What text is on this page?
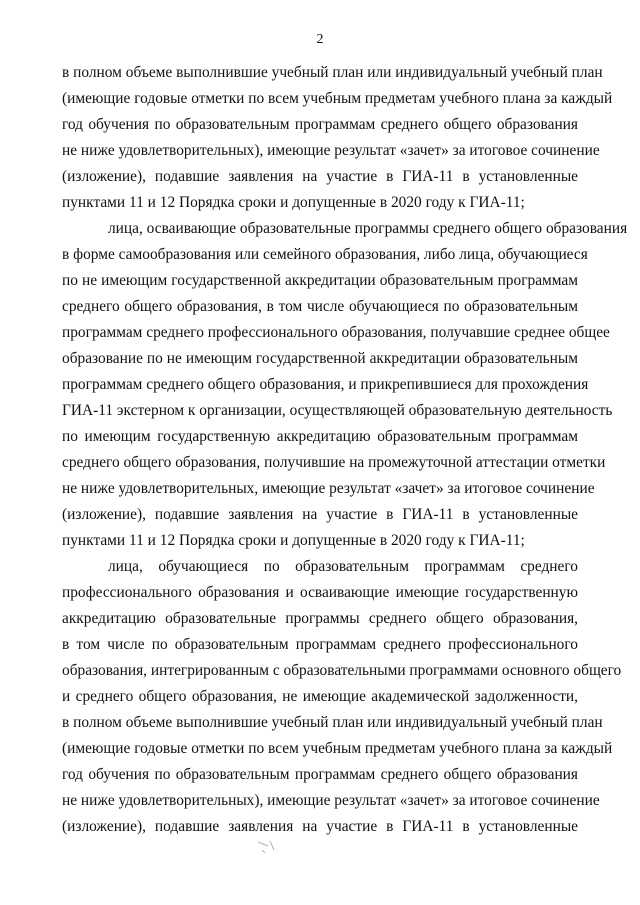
2
в полном объеме выполнившие учебный план или индивидуальный учебный план
(имеющие годовые отметки по всем учебным предметам учебного плана за каждый
год обучения по образовательным программам среднего общего образования
не ниже удовлетворительных), имеющие результат «зачет» за итоговое сочинение
(изложение), подавшие заявления на участие в ГИА-11 в установленные
пунктами 11 и 12 Порядка сроки и допущенные в 2020 году к ГИА-11;
лица, осваивающие образовательные программы среднего общего образования
в форме самообразования или семейного образования, либо лица, обучающиеся
по не имеющим государственной аккредитации образовательным программам
среднего общего образования, в том числе обучающиеся по образовательным
программам среднего профессионального образования, получавшие среднее общее
образование по не имеющим государственной аккредитации образовательным
программам среднего общего образования, и прикрепившиеся для прохождения
ГИА-11 экстерном к организации, осуществляющей образовательную деятельность
по имеющим государственную аккредитацию образовательным программам
среднего общего образования, получившие на промежуточной аттестации отметки
не ниже удовлетворительных, имеющие результат «зачет» за итоговое сочинение
(изложение), подавшие заявления на участие в ГИА-11 в установленные
пунктами 11 и 12 Порядка сроки и допущенные в 2020 году к ГИА-11;
лица, обучающиеся по образовательным программам среднего
профессионального образования и осваивающие имеющие государственную
аккредитацию образовательные программы среднего общего образования,
в том числе по образовательным программам среднего профессионального
образования, интегрированным с образовательными программами основного общего
и среднего общего образования, не имеющие академической задолженности,
в полном объеме выполнившие учебный план или индивидуальный учебный план
(имеющие годовые отметки по всем учебным предметам учебного плана за каждый
год обучения по образовательным программам среднего общего образования
не ниже удовлетворительных), имеющие результат «зачет» за итоговое сочинение
(изложение), подавшие заявления на участие в ГИА-11 в установленные
